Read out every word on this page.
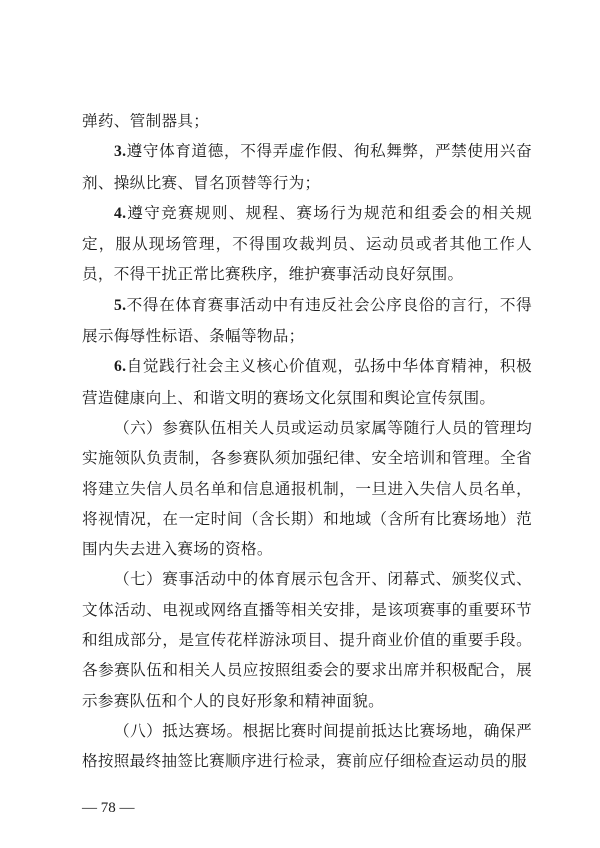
弹药、管制器具；

3.遵守体育道德，不得弄虚作假、徇私舞弊，严禁使用兴奋剂、操纵比赛、冒名顶替等行为；

4.遵守竞赛规则、规程、赛场行为规范和组委会的相关规定，服从现场管理，不得围攻裁判员、运动员或者其他工作人员，不得干扰正常比赛秩序，维护赛事活动良好氛围。

5.不得在体育赛事活动中有违反社会公序良俗的言行，不得展示侮辱性标语、条幅等物品；

6.自觉践行社会主义核心价值观，弘扬中华体育精神，积极营造健康向上、和谐文明的赛场文化氛围和舆论宣传氛围。

（六）参赛队伍相关人员或运动员家属等随行人员的管理均实施领队负责制，各参赛队须加强纪律、安全培训和管理。全省将建立失信人员名单和信息通报机制，一旦进入失信人员名单，将视情况，在一定时间（含长期）和地域（含所有比赛场地）范围内失去进入赛场的资格。

（七）赛事活动中的体育展示包含开、闭幕式、颁奖仪式、文体活动、电视或网络直播等相关安排，是该项赛事的重要环节和组成部分，是宣传花样游泳项目、提升商业价值的重要手段。各参赛队伍和相关人员应按照组委会的要求出席并积极配合，展示参赛队伍和个人的良好形象和精神面貌。

（八）抵达赛场。根据比赛时间提前抵达比赛场地，确保严格按照最终抽签比赛顺序进行检录，赛前应仔细检查运动员的服

— 78 —
